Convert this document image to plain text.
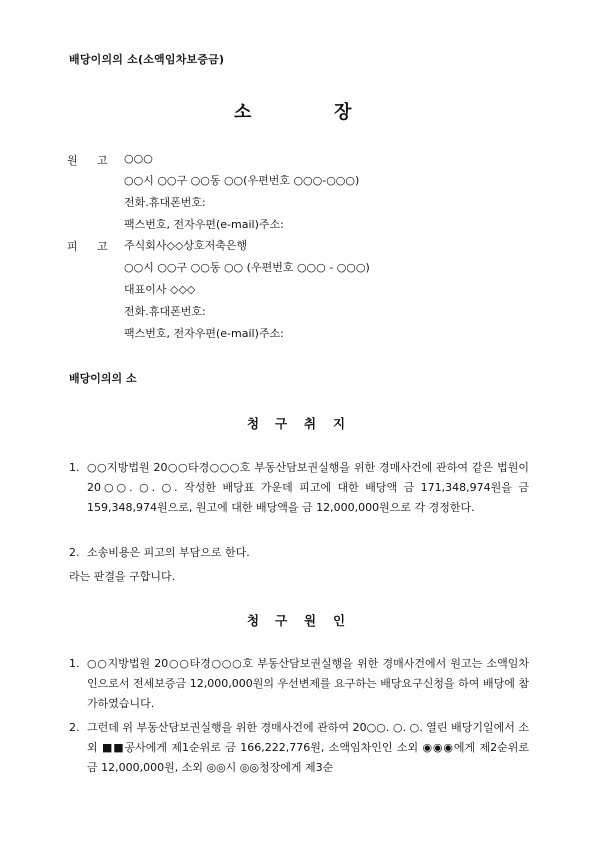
배당이의의 소(소액임차보증금)
소	장
원 고 ○○○
○○시 ○○구 ○○동 ○○(우편번호 ○○○-○○○)
전화․휴대폰번호:
팩스번호, 전자우편(e-mail)주소:
피 고 주식회사◇◇상호저축은행
○○시 ○○구 ○○동 ○○ (우편번호 ○○○ - ○○○)
대표이사 ◇◇◇
전화․휴대폰번호:
팩스번호, 전자우편(e-mail)주소:
배당이의의 소
청 구 취 지
1. ○○지방법원 20○○타경○○○호 부동산담보권실행을 위한 경매사건에 관하여 같은 법원이 20○○. ○. ○. 작성한 배당표 가운데 피고에 대한 배당액 금 171,348,974원을 금 159,348,974원으로, 원고에 대한 배당액을 금 12,000,000원으로 각 경정한다.
2. 소송비용은 피고의 부담으로 한다.
라는 판결을 구합니다.
청 구 원 인
1. ○○지방법원 20○○타경○○○호 부동산담보권실행을 위한 경매사건에서 원고는 소액임차인으로서 전세보증금 12,000,000원의 우선변제를 요구하는 배당요구신청을 하여 배당에 참가하였습니다.
2. 그런데 위 부동산담보권실행을 위한 경매사건에 관하여 20○○. ○. ○. 열린 배당기일에서 소외 ■■공사에게 제1순위로 금 166,222,776원, 소액임차인인 소외 ◉◉◉에게 제2순위로 금 12,000,000원, 소외 ◎◎시 ◎◎청장에게 제3순
